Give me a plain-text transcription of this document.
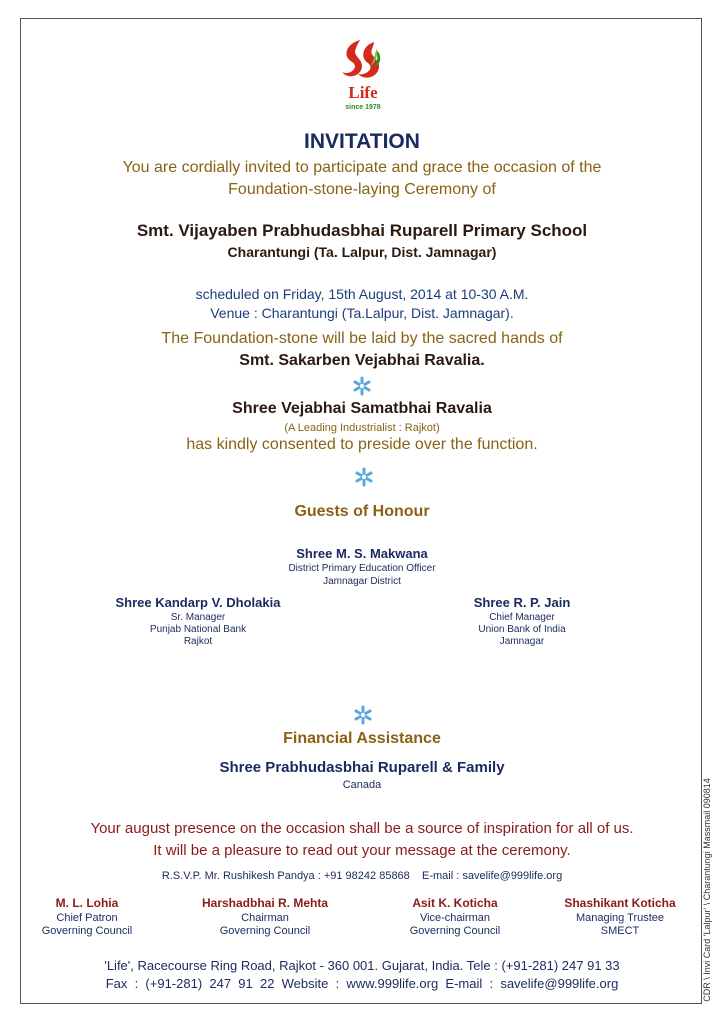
Life
since 1978
INVITATION
You are cordially invited to participate and grace the occasion of the
Foundation-stone-laying Ceremony of
Smt. Vijayaben Prabhudasbhai Ruparell Primary School
Charantungi (Ta. Lalpur, Dist. Jamnagar)
scheduled on Friday, 15th August, 2014 at 10-30 A.M.
Venue : Charantungi (Ta.Lalpur, Dist. Jamnagar).
The Foundation-stone will be laid by the sacred hands of
Smt. Sakarben Vejabhai Ravalia.
Shree Vejabhai Samatbhai Ravalia
(A Leading Industrialist : Rajkot)
has kindly consented to preside over the function.
Guests of Honour
Shree M. S. Makwana
District Primary Education Officer
Jamnagar District
Shree Kandarp V. Dholakia
Sr. Manager
Punjab National Bank
Rajkot
Shree R. P. Jain
Chief Manager
Union Bank of India
Jamnagar
Financial Assistance
Shree Prabhudasbhai Ruparell & Family
Canada
Your august presence on the occasion shall be a source of inspiration for all of us.
It will be a pleasure to read out your message at the ceremony.
R.S.V.P. Mr. Rushikesh Pandya : +91 98242 85868    E-mail : savelife@999life.org
M. L. Lohia
Chief Patron
Governing Council
Harshadbhai R. Mehta
Chairman
Governing Council
Asit K. Koticha
Vice-chairman
Governing Council
Shashikant Koticha
Managing Trustee
SMECT
'Life', Racecourse Ring Road, Rajkot - 360 001. Gujarat, India. Tele : (+91-281) 247 91 33
Fax  :  (+91-281)  247  91  22  Website  :  www.999life.org  E-mail  :  savelife@999life.org	CDR \ Invi Card 'Lalpur' \ Charantungi Massmail 090814
